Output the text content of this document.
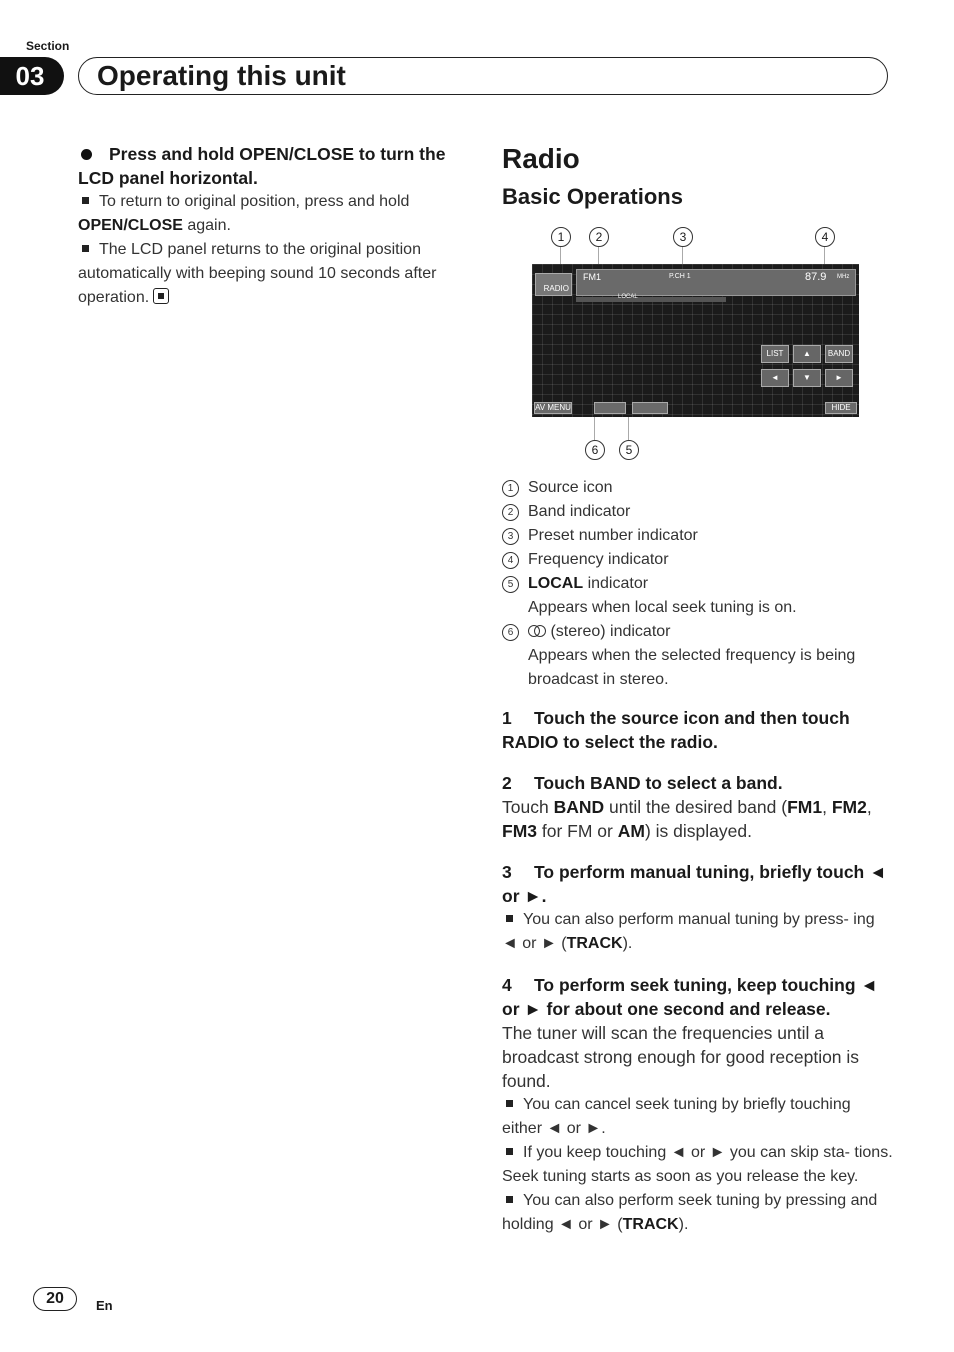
Section
03	Operating this unit

Press and hold OPEN/CLOSE to turn the LCD panel horizontal.

To return to original position, press and hold OPEN/CLOSE again.

The LCD panel returns to the original position automatically with beeping sound 10 seconds after operation.

Radio
Basic Operations
1	2	3	4
6	5
RADIO
FM1	P.CH 1	87.9 MHz
LOCAL
LIST	▲	BAND
◄	▼	►
AV MENU	HIDE
1 Source icon
2 Band indicator
3 Preset number indicator
4 Frequency indicator
5 LOCAL indicator
Appears when local seek tuning is on.
6	(stereo) indicator
Appears when the selected frequency is being broadcast in stereo.

1 Touch the source icon and then touch RADIO to select the radio.

2 Touch BAND to select a band.

Touch BAND until the desired band (FM1, FM2, FM3 for FM or AM) is displayed.

3 To perform manual tuning, briefly touch ◄ or ►.

You can also perform manual tuning by press- ing ◄ or ► (TRACK).

4 To perform seek tuning, keep touching ◄ or ► for about one second and release.

The tuner will scan the frequencies until a broadcast strong enough for good reception is found.

You can cancel seek tuning by briefly touching either ◄ or ►.

If you keep touching ◄ or ► you can skip sta- tions. Seek tuning starts as soon as you release the key.

You can also perform seek tuning by pressing and holding ◄ or ► (TRACK).

20	En
